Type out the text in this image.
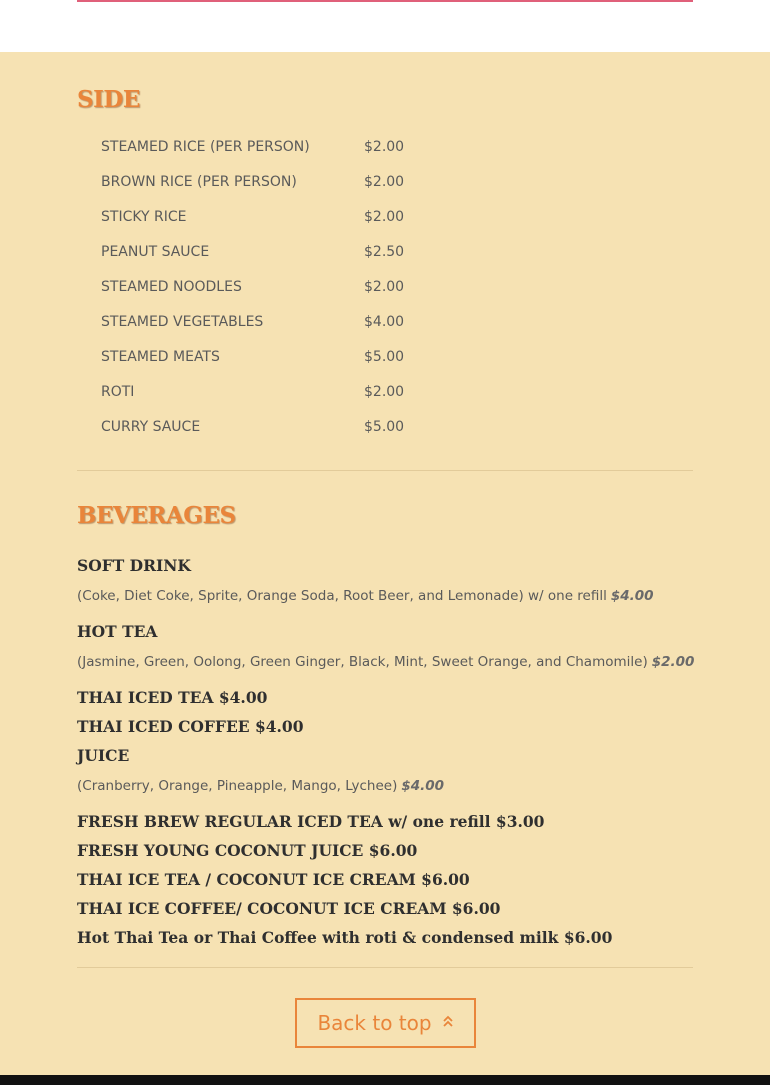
SIDE
STEAMED RICE (PER PERSON)	$2.00
BROWN RICE (PER PERSON)	$2.00
STICKY RICE	$2.00
PEANUT SAUCE	$2.50
STEAMED NOODLES	$2.00
STEAMED VEGETABLES	$4.00
STEAMED MEATS	$5.00
ROTI	$2.00
CURRY SAUCE	$5.00
BEVERAGES
SOFT DRINK
(Coke, Diet Coke, Sprite, Orange Soda, Root Beer, and Lemonade) w/ one refill $4.00
HOT TEA
(Jasmine, Green, Oolong, Green Ginger, Black, Mint, Sweet Orange, and Chamomile) $2.00
THAI ICED TEA $4.00
THAI ICED COFFEE $4.00
JUICE
(Cranberry, Orange, Pineapple, Mango, Lychee) $4.00
FRESH BREW REGULAR ICED TEA w/ one refill $3.00
FRESH YOUNG COCONUT JUICE $6.00
THAI ICE TEA / COCONUT ICE CREAM $6.00
THAI ICE COFFEE/ COCONUT ICE CREAM $6.00
Hot Thai Tea or Thai Coffee with roti & condensed milk $6.00
Back to top
